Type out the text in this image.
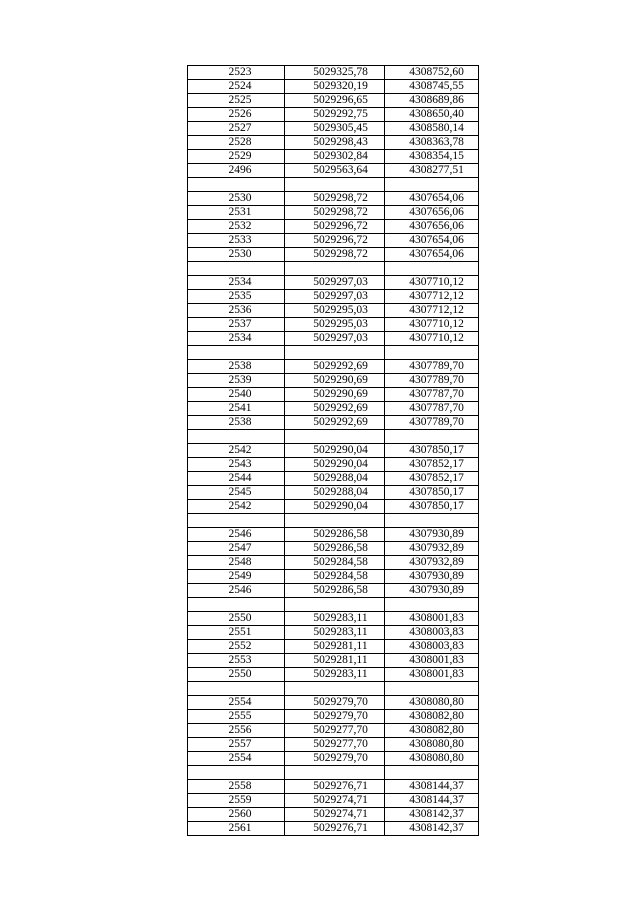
2523	5029325,78	4308752,60
2524	5029320,19	4308745,55
2525	5029296,65	4308689,86
2526	5029292,75	4308650,40
2527	5029305,45	4308580,14
2528	5029298,43	4308363,78
2529	5029302,84	4308354,15
2496	5029563,64	4308277,51

2530	5029298,72	4307654,06
2531	5029298,72	4307656,06
2532	5029296,72	4307656,06
2533	5029296,72	4307654,06
2530	5029298,72	4307654,06

2534	5029297,03	4307710,12
2535	5029297,03	4307712,12
2536	5029295,03	4307712,12
2537	5029295,03	4307710,12
2534	5029297,03	4307710,12

2538	5029292,69	4307789,70
2539	5029290,69	4307789,70
2540	5029290,69	4307787,70
2541	5029292,69	4307787,70
2538	5029292,69	4307789,70

2542	5029290,04	4307850,17
2543	5029290,04	4307852,17
2544	5029288,04	4307852,17
2545	5029288,04	4307850,17
2542	5029290,04	4307850,17

2546	5029286,58	4307930,89
2547	5029286,58	4307932,89
2548	5029284,58	4307932,89
2549	5029284,58	4307930,89
2546	5029286,58	4307930,89

2550	5029283,11	4308001,83
2551	5029283,11	4308003,83
2552	5029281,11	4308003,83
2553	5029281,11	4308001,83
2550	5029283,11	4308001,83

2554	5029279,70	4308080,80
2555	5029279,70	4308082,80
2556	5029277,70	4308082,80
2557	5029277,70	4308080,80
2554	5029279,70	4308080,80

2558	5029276,71	4308144,37
2559	5029274,71	4308144,37
2560	5029274,71	4308142,37
2561	5029276,71	4308142,37
